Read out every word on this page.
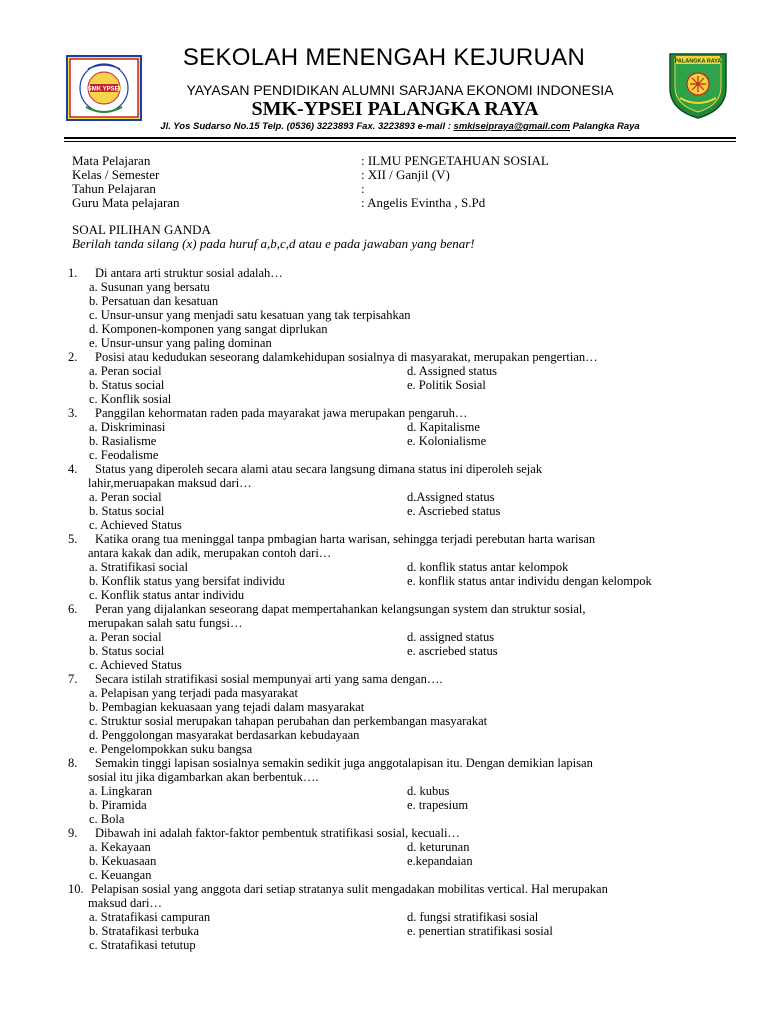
SMK YPSEI
PALANGKA RAYA
SEKOLAH MENENGAH KEJURUAN
YAYASAN PENDIDIKAN ALUMNI SARJANA EKONOMI INDONESIA
SMK-YPSEI PALANGKA RAYA
Jl. Yos Sudarso No.15 Telp. (0536) 3223893 Fax. 3223893 e-mail : smkiseipraya@gmail.com Palangka Raya
Mata Pelajaran	: ILMU PENGETAHUAN SOSIAL
Kelas / Semester	: XII / Ganjil (V)
Tahun Pelajaran	:
Guru Mata pelajaran	: Angelis Evintha , S.Pd
SOAL PILIHAN GANDA
Berilah tanda silang (x) pada huruf a,b,c,d atau e pada jawaban yang benar!
1. Di antara arti struktur sosial adalah…
a. Susunan yang bersatu
b. Persatuan dan kesatuan
c. Unsur-unsur yang menjadi satu kesatuan yang tak terpisahkan
d. Komponen-komponen yang sangat diprlukan
e. Unsur-unsur yang paling dominan
2. Posisi atau kedudukan seseorang dalamkehidupan sosialnya di masyarakat, merupakan pengertian…
a. Peran social	d. Assigned status
b. Status social	e. Politik Sosial
c. Konflik sosial
3. Panggilan kehormatan raden pada mayarakat jawa merupakan pengaruh…
a. Diskriminasi	d. Kapitalisme
b. Rasialisme	e. Kolonialisme
c. Feodalisme
4. Status yang diperoleh secara alami atau secara langsung dimana status ini diperoleh sejak
lahir,meruapakan maksud dari…
a. Peran social	d.Assigned status
b. Status social	e. Ascriebed status
c. Achieved Status
5. Katika orang tua meninggal tanpa pmbagian harta warisan, sehingga terjadi perebutan harta warisan
antara kakak dan adik, merupakan contoh dari…
a. Stratifikasi social	d. konflik status antar kelompok
b. Konflik status yang bersifat individu	e. konflik status antar individu dengan kelompok
c. Konflik status antar individu
6. Peran yang dijalankan seseorang dapat mempertahankan kelangsungan system dan struktur sosial,
merupakan salah satu fungsi…
a. Peran social	d. assigned status
b. Status social	e. ascriebed status
c. Achieved Status
7. Secara istilah stratifikasi sosial mempunyai arti yang sama dengan….
a. Pelapisan yang terjadi pada masyarakat
b. Pembagian kekuasaan yang tejadi dalam masyarakat
c. Struktur sosial merupakan tahapan perubahan dan perkembangan masyarakat
d. Penggolongan masyarakat berdasarkan kebudayaan
e. Pengelompokkan suku bangsa
8. Semakin tinggi lapisan sosialnya semakin sedikit juga anggotalapisan itu. Dengan demikian lapisan
sosial itu jika digambarkan akan berbentuk….
a. Lingkaran	d. kubus
b. Piramida	e. trapesium
c. Bola
9. Dibawah ini adalah faktor-faktor pembentuk stratifikasi sosial, kecuali…
a. Kekayaan	d. keturunan
b. Kekuasaan	e.kepandaian
c. Keuangan
10. Pelapisan sosial yang anggota dari setiap stratanya sulit mengadakan mobilitas vertical. Hal merupakan
maksud dari…
a. Stratafikasi campuran	d. fungsi stratifikasi sosial
b. Stratafikasi terbuka	e. penertian stratifikasi sosial
c. Stratafikasi tetutup
